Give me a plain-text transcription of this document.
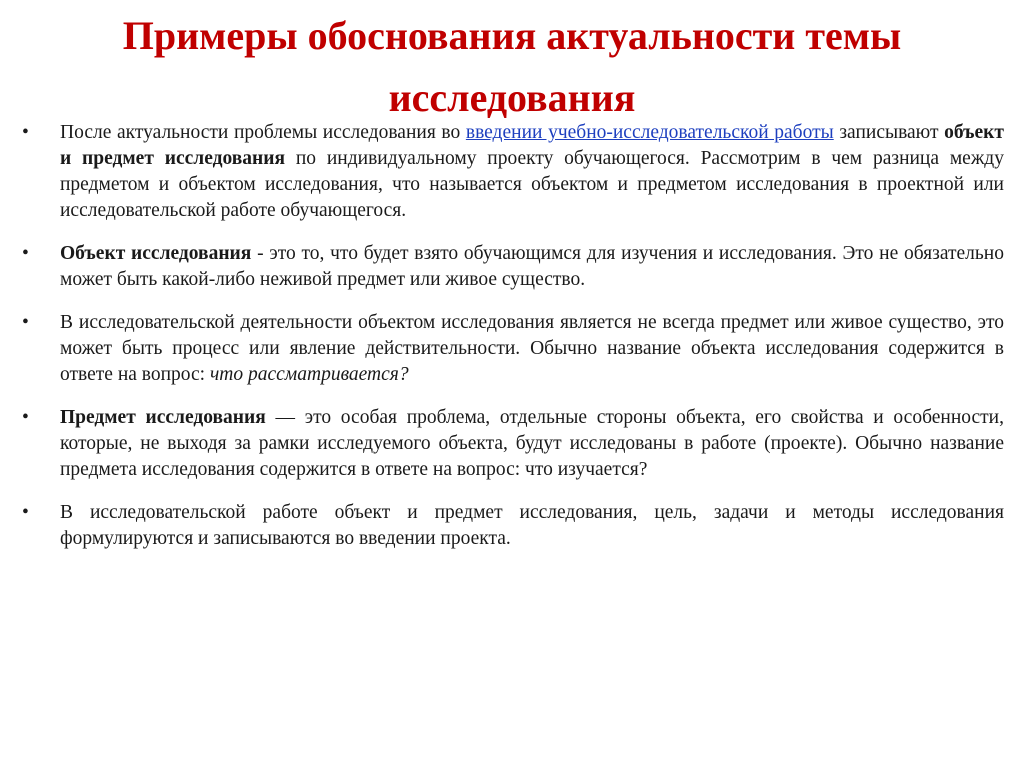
Примеры обоснования актуальности темы
исследования
• После актуальности проблемы исследования во введении учебно-исследовательской работы записывают объект и предмет исследования по индивидуальному проекту обучающегося. Рассмотрим в чем разница между предметом и объектом исследования, что называется объектом и предметом исследования в проектной или исследовательской работе обучающегося.
• Объект исследования - это то, что будет взято обучающимся для изучения и исследования. Это не обязательно может быть какой-либо неживой предмет или живое существо.
• В исследовательской деятельности объектом исследования является не всегда предмет или живое существо, это может быть процесс или явление действительности. Обычно название объекта исследования содержится в ответе на вопрос: что рассматривается?
• Предмет исследования — это особая проблема, отдельные стороны объекта, его свойства и особенности, которые, не выходя за рамки исследуемого объекта, будут исследованы в работе (проекте). Обычно название предмета исследования содержится в ответе на вопрос: что изучается?
• В исследовательской работе объект и предмет исследования, цель, задачи и методы исследования формулируются и записываются во введении проекта.
